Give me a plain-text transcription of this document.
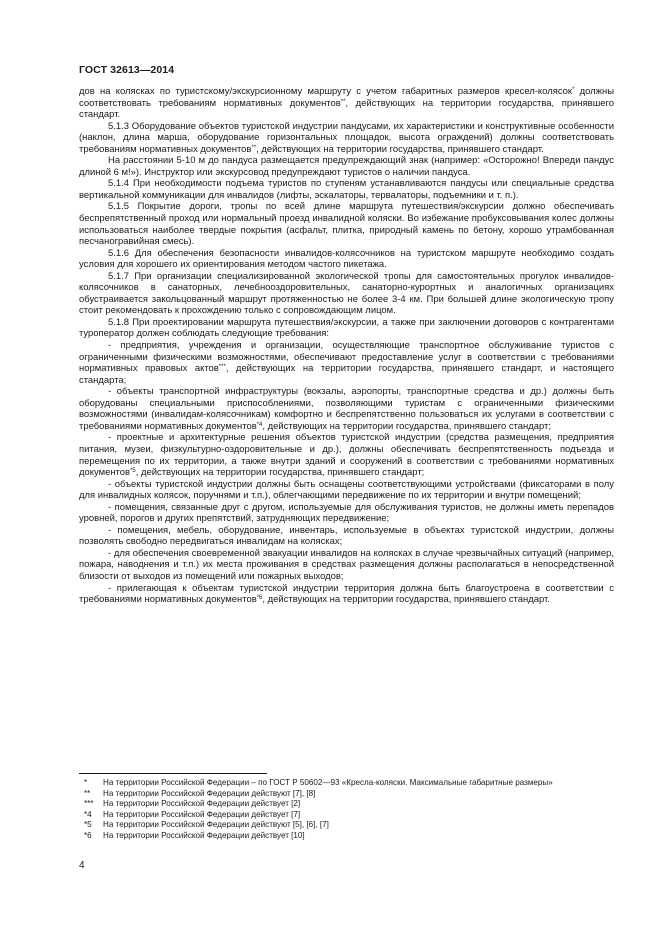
ГОСТ 32613—2014

дов на колясках по туристскому/экскурсионному маршруту с учетом габаритных размеров кресел-колясок* должны соответствовать требованиям нормативных документов**, действующих на территории государства, принявшего стандарт.

5.1.3 Оборудование объектов туристской индустрии пандусами, их характеристики и конструктивные особенности (наклон, длина марша, оборудование горизонтальных площадок, высота ограждений) должны соответствовать требованиям нормативных документов**, действующих на территории государства, принявшего стандарт.

На расстоянии 5-10 м до пандуса размещается предупреждающий знак (например: «Осторожно! Впереди пандус длиной 6 м!»). Инструктор или экскурсовод предупреждают туристов о наличии пандуса.

5.1.4 При необходимости подъема туристов по ступеням устанавливаются пандусы или специальные средства вертикальной коммуникации для инвалидов (лифты, эскалаторы, тервалаторы, подъемники и т. п.).

5.1.5 Покрытие дороги, тропы по всей длине маршрута путешествия/экскурсии должно обеспечивать беспрепятственный проход или нормальный проезд инвалидной коляски. Во избежание пробуксовывания колес должны использоваться наиболее твердые покрытия (асфальт, плитка, природный камень по бетону, хорошо утрамбованная песчаногравийная смесь).

5.1.6 Для обеспечения безопасности инвалидов-колясочников на туристском маршруте необходимо создать условия для хорошего их ориентирования методом частого пикетажа.

5.1.7 При организации специализированной экологической тропы для самостоятельных прогулок инвалидов-колясочников в санаторных, лечебнооздоровительных, санаторно-курортных и аналогичных организациях обустраивается закольцованный маршрут протяженностью не более 3-4 км. При большей длине экологическую тропу стоит рекомендовать к прохождению только с сопровождающим лицом.

5.1.8 При проектировании маршрута путешествия/экскурсии, а также при заключении договоров с контрагентами туроператор должен соблюдать следующие требования:

- предприятия, учреждения и организации, осуществляющие транспортное обслуживание туристов с ограниченными физическими возможностями, обеспечивают предоставление услуг в соответствии с требованиями нормативных правовых актов***, действующих на территории государства, принявшего стандарт, и настоящего стандарта;

- объекты транспортной инфраструктуры (вокзалы, аэропорты, транспортные средства и др.) должны быть оборудованы специальными приспособлениями, позволяющими туристам с ограниченными физическими возможностями (инвалидам-колясочникам) комфортно и беспрепятственно пользоваться их услугами в соответствии с требованиями нормативных документов$^{*4}$, действующих на территории государства, принявшего стандарт;

- проектные и архитектурные решения объектов туристской индустрии (средства размещения, предприятия питания, музеи, физкультурно-оздоровительные и др.), должны обеспечивать беспрепятственность подъезда и перемещения по их территории, а также внутри зданий и сооружений в соответствии с требованиями нормативных документов$^{*5}$, действующих на территории государства, принявшего стандарт;

- объекты туристской индустрии должны быть оснащены соответствующими устройствами (фиксаторами в полу для инвалидных колясок, поручнями и т.п.), облегчающими передвижение по их территории и внутри помещений;

- помещения, связанные друг с другом, используемые для обслуживания туристов, не должны иметь перепадов уровней, порогов и других препятствий, затрудняющих передвижение;

- помещения, мебель, оборудование, инвентарь, используемые в объектах туристской индустрии, должны позволять свободно передвигаться инвалидам на колясках;

- для обеспечения своевременной эвакуации инвалидов на колясках в случае чрезвычайных ситуаций (например, пожара, наводнения и т.п.) их места проживания в средствах размещения должны располагаться в непосредственной близости от выходов из помещений или пожарных выходов;

- прилегающая к объектам туристской индустрии территория должна быть благоустроена в соответствии с требованиями нормативных документов$^{*6}$, действующих на территории государства, принявшего стандарт.

* На территории Российской Федерации – по ГОСТ Р 50602—93 «Кресла-коляски. Максимальные габаритные размеры»

** На территории Российской Федерации действуют [7], [8]

*** На территории Российской Федерации действует [2]

*4 На территории Российской Федерации действует [7]

*5 На территории Российской Федерации действуют [5], [6], [7]

*6 На территории Российской Федерации действует [10]

4
